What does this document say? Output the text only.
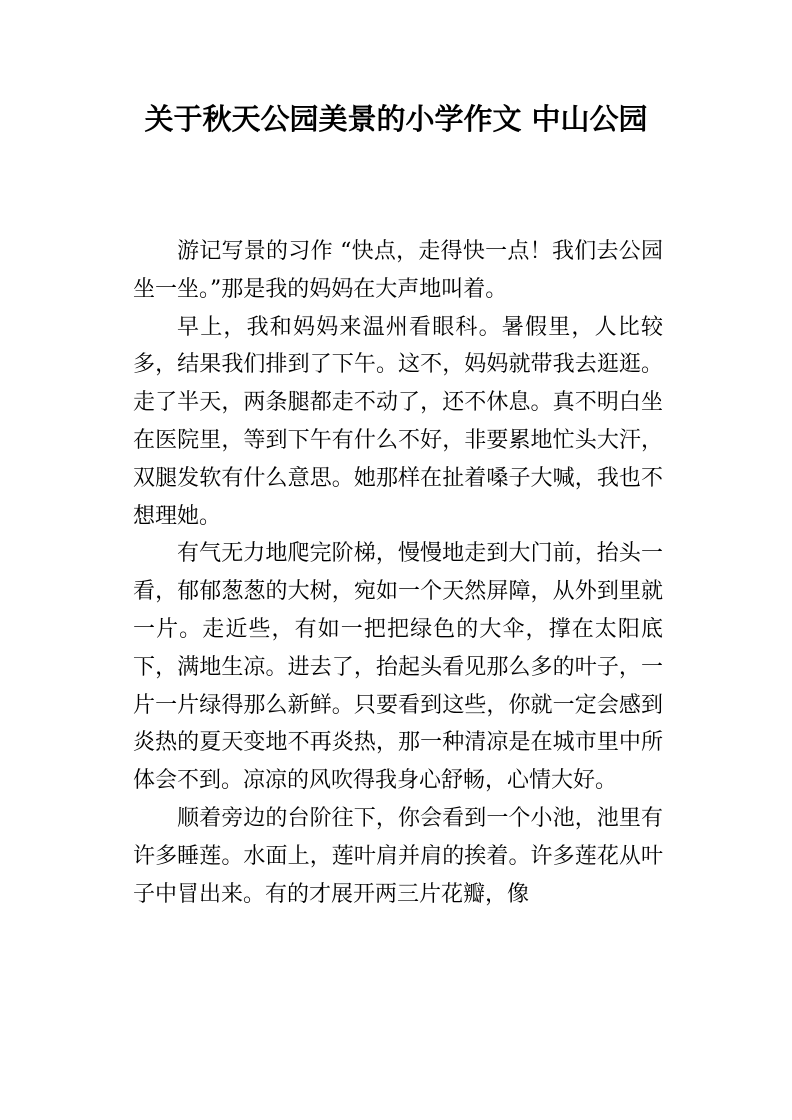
关于秋天公园美景的小学作文 中山公园

游记写景的习作 “快点，走得快一点！我们去公园坐一坐。”那是我的妈妈在大声地叫着。

早上，我和妈妈来温州看眼科。暑假里，人比较多，结果我们排到了下午。这不，妈妈就带我去逛逛。走了半天，两条腿都走不动了，还不休息。真不明白坐在医院里，等到下午有什么不好，非要累地忙头大汗，双腿发软有什么意思。她那样在扯着嗓子大喊，我也不想理她。

有气无力地爬完阶梯，慢慢地走到大门前，抬头一看，郁郁葱葱的大树，宛如一个天然屏障，从外到里就一片。走近些，有如一把把绿色的大伞，撑在太阳底下，满地生凉。进去了，抬起头看见那么多的叶子，一片一片绿得那么新鲜。只要看到这些，你就一定会感到炎热的夏天变地不再炎热，那一种清凉是在城市里中所体会不到。凉凉的风吹得我身心舒畅，心情大好。

顺着旁边的台阶往下，你会看到一个小池，池里有许多睡莲。水面上，莲叶肩并肩的挨着。许多莲花从叶子中冒出来。有的才展开两三片花瓣，像
